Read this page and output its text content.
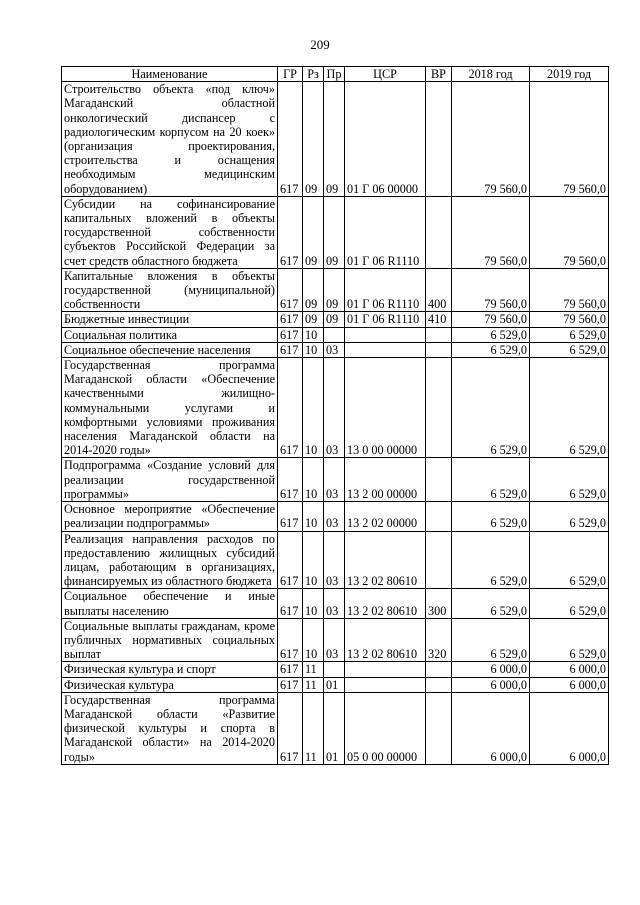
209
Наименование	ГР	Рз	Пр	ЦСР	ВР	2018 год	2019 год
Строительство объекта «под ключ» Магаданский областной онкологический диспансер с радиологическим корпусом на 20 коек» (организация проектирования, строительства и оснащения необходимым медицинским оборудованием)	617	09	09	01 Г 06 00000		79 560,0	79 560,0
Субсидии на софинансирование капитальных вложений в объекты государственной собственности субъектов Российской Федерации за счет средств областного бюджета	617	09	09	01 Г 06 R1110		79 560,0	79 560,0
Капитальные вложения в объекты государственной (муниципальной) собственности	617	09	09	01 Г 06 R1110	400	79 560,0	79 560,0
Бюджетные инвестиции	617	09	09	01 Г 06 R1110	410	79 560,0	79 560,0
Социальная политика	617	10				6 529,0	6 529,0
Социальное обеспечение населения	617	10	03			6 529,0	6 529,0
Государственная программа Магаданской области «Обеспечение качественными жилищно-коммунальными услугами и комфортными условиями проживания населения Магаданской области на 2014-2020 годы»	617	10	03	13 0 00 00000		6 529,0	6 529,0
Подпрограмма «Создание условий для реализации государственной программы»	617	10	03	13 2 00 00000		6 529,0	6 529,0
Основное мероприятие «Обеспечение реализации подпрограммы»	617	10	03	13 2 02 00000		6 529,0	6 529,0
Реализация направления расходов по предоставлению жилищных субсидий лицам, работающим в организациях, финансируемых из областного бюджета	617	10	03	13 2 02 80610		6 529,0	6 529,0
Социальное обеспечение и иные выплаты населению	617	10	03	13 2 02 80610	300	6 529,0	6 529,0
Социальные выплаты гражданам, кроме публичных нормативных социальных выплат	617	10	03	13 2 02 80610	320	6 529,0	6 529,0
Физическая культура и спорт	617	11				6 000,0	6 000,0
Физическая культура	617	11	01			6 000,0	6 000,0
Государственная программа Магаданской области «Развитие физической культуры и спорта в Магаданской области» на 2014-2020 годы»	617	11	01	05 0 00 00000		6 000,0	6 000,0
